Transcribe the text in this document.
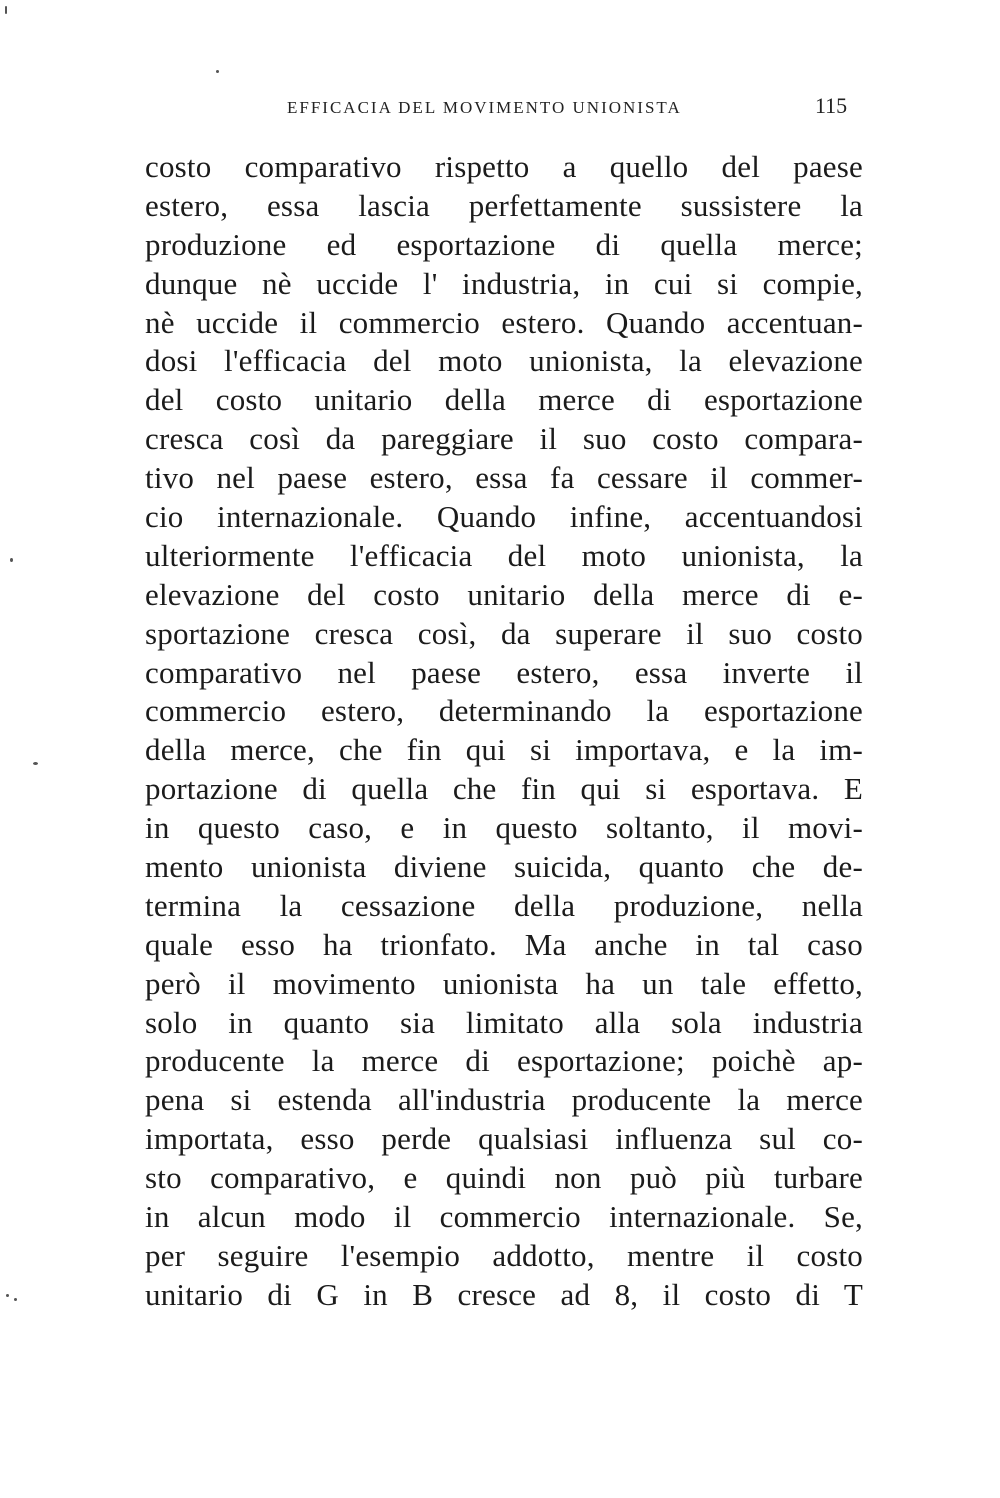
EFFICACIA DEL MOVIMENTO UNIONISTA	115
costo comparativo rispetto a quello del paese
estero, essa lascia perfettamente sussistere la
produzione ed esportazione di quella merce;
dunque nè uccide l' industria, in cui si compie,
nè uccide il commercio estero. Quando accentuan-
dosi l'efficacia del moto unionista, la elevazione
del costo unitario della merce di esportazione
cresca così da pareggiare il suo costo compara-
tivo nel paese estero, essa fa cessare il commer-
cio internazionale. Quando infine, accentuandosi
ulteriormente l'efficacia del moto unionista, la
elevazione del costo unitario della merce di e-
sportazione cresca così, da superare il suo costo
comparativo nel paese estero, essa inverte il
commercio estero, determinando la esportazione
della merce, che fin qui si importava, e la im-
portazione di quella che fin qui si esportava. E
in questo caso, e in questo soltanto, il movi-
mento unionista diviene suicida, quanto che de-
termina la cessazione della produzione, nella
quale esso ha trionfato. Ma anche in tal caso
però il movimento unionista ha un tale effetto,
solo in quanto sia limitato alla sola industria
producente la merce di esportazione; poichè ap-
pena si estenda all'industria producente la merce
importata, esso perde qualsiasi influenza sul co-
sto comparativo, e quindi non può più turbare
in alcun modo il commercio internazionale. Se,
per seguire l'esempio addotto, mentre il costo
unitario di G in B cresce ad 8, il costo di T
